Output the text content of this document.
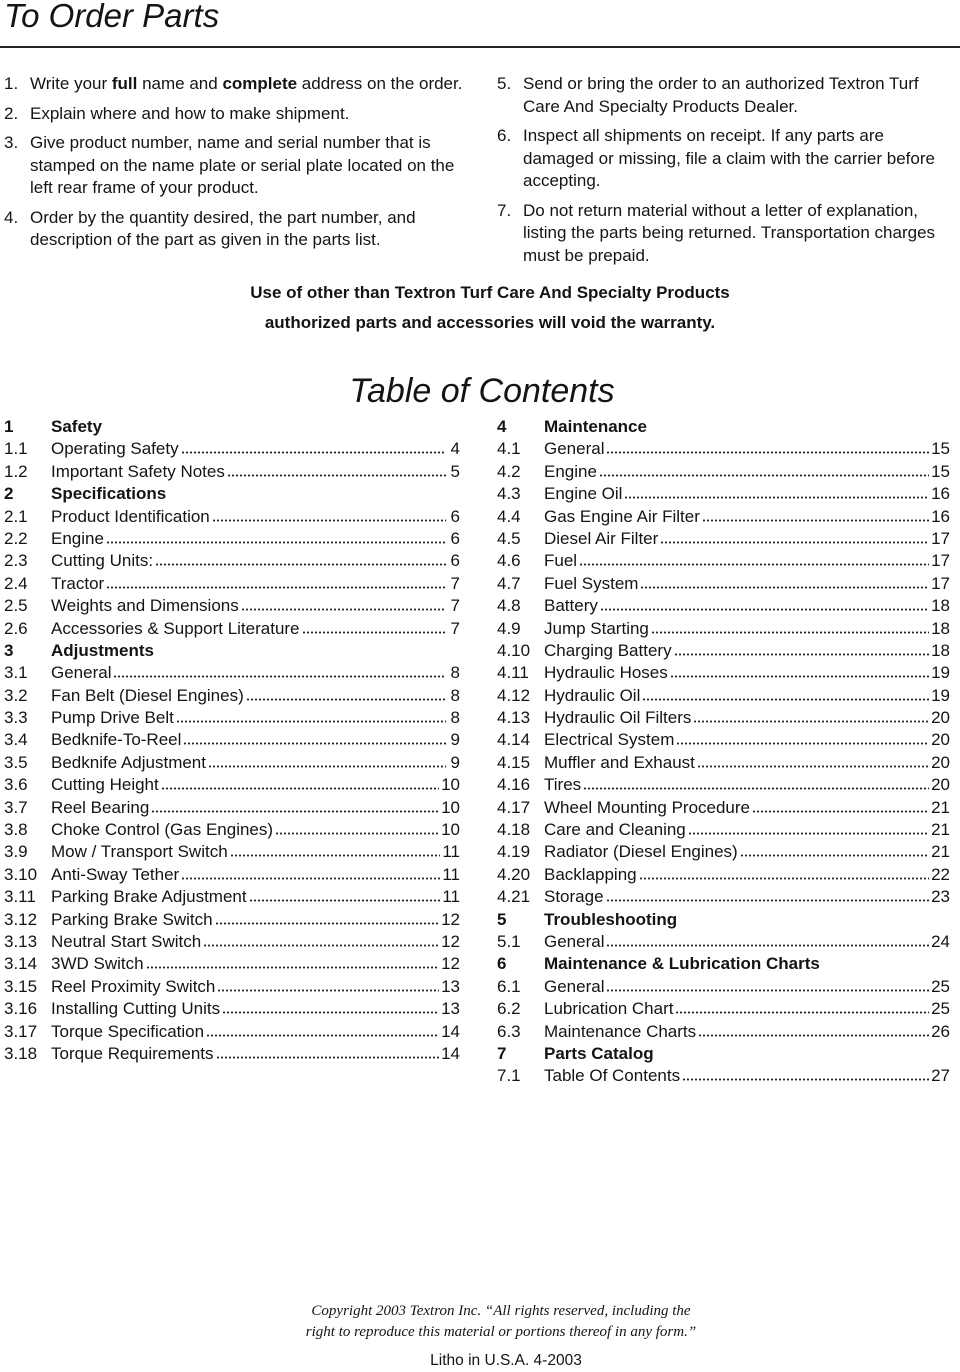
To Order Parts
1. Write your full name and complete address on the order.
2. Explain where and how to make shipment.
3. Give product number, name and serial number that is stamped on the name plate or serial plate located on the left rear frame of your product.
4. Order by the quantity desired, the part number, and description of the part as given in the parts list.
5. Send or bring the order to an authorized Textron Turf Care And Specialty Products Dealer.
6. Inspect all shipments on receipt. If any parts are damaged or missing, file a claim with the carrier before accepting.
7. Do not return material without a letter of explanation, listing the parts being returned. Transportation charges must be prepaid.
Use of other than Textron Turf Care And Specialty Products
authorized parts and accessories will void the warranty.
Table of Contents
1	Safety
1.1	Operating Safety	4
1.2	Important Safety Notes	5
2	Specifications
2.1	Product Identification	6
2.2	Engine	6
2.3	Cutting Units:	6
2.4	Tractor	7
2.5	Weights and Dimensions	7
2.6	Accessories & Support Literature	7
3	Adjustments
3.1	General	8
3.2	Fan Belt (Diesel Engines)	8
3.3	Pump Drive Belt	8
3.4	Bedknife-To-Reel	9
3.5	Bedknife Adjustment	9
3.6	Cutting Height	10
3.7	Reel Bearing	10
3.8	Choke Control (Gas Engines)	10
3.9	Mow / Transport Switch	11
3.10 Anti-Sway Tether	11
3.11 Parking Brake Adjustment	11
3.12 Parking Brake Switch	12
3.13 Neutral Start Switch	12
3.14 3WD Switch	12
3.15 Reel Proximity Switch	13
3.16 Installing Cutting Units	13
3.17 Torque Specification	14
3.18 Torque Requirements	14
4	Maintenance
4.1	General	15
4.2	Engine	15
4.3	Engine Oil	16
4.4	Gas Engine Air Filter	16
4.5	Diesel Air Filter	17
4.6	Fuel	17
4.7	Fuel System	17
4.8	Battery	18
4.9	Jump Starting	18
4.10 Charging Battery	18
4.11 Hydraulic Hoses	19
4.12 Hydraulic Oil	19
4.13 Hydraulic Oil Filters	20
4.14 Electrical System	20
4.15 Muffler and Exhaust	20
4.16 Tires	20
4.17 Wheel Mounting Procedure	21
4.18 Care and Cleaning	21
4.19 Radiator (Diesel Engines)	21
4.20 Backlapping	22
4.21 Storage	23
5	Troubleshooting
5.1	General	24
6	Maintenance & Lubrication Charts
6.1	General	25
6.2	Lubrication Chart	25
6.3	Maintenance Charts	26
7	Parts Catalog
7.1	Table Of Contents	27
Copyright 2003 Textron Inc. “All rights reserved, including the
right to reproduce this material or portions thereof in any form.”
Litho in U.S.A. 4-2003
